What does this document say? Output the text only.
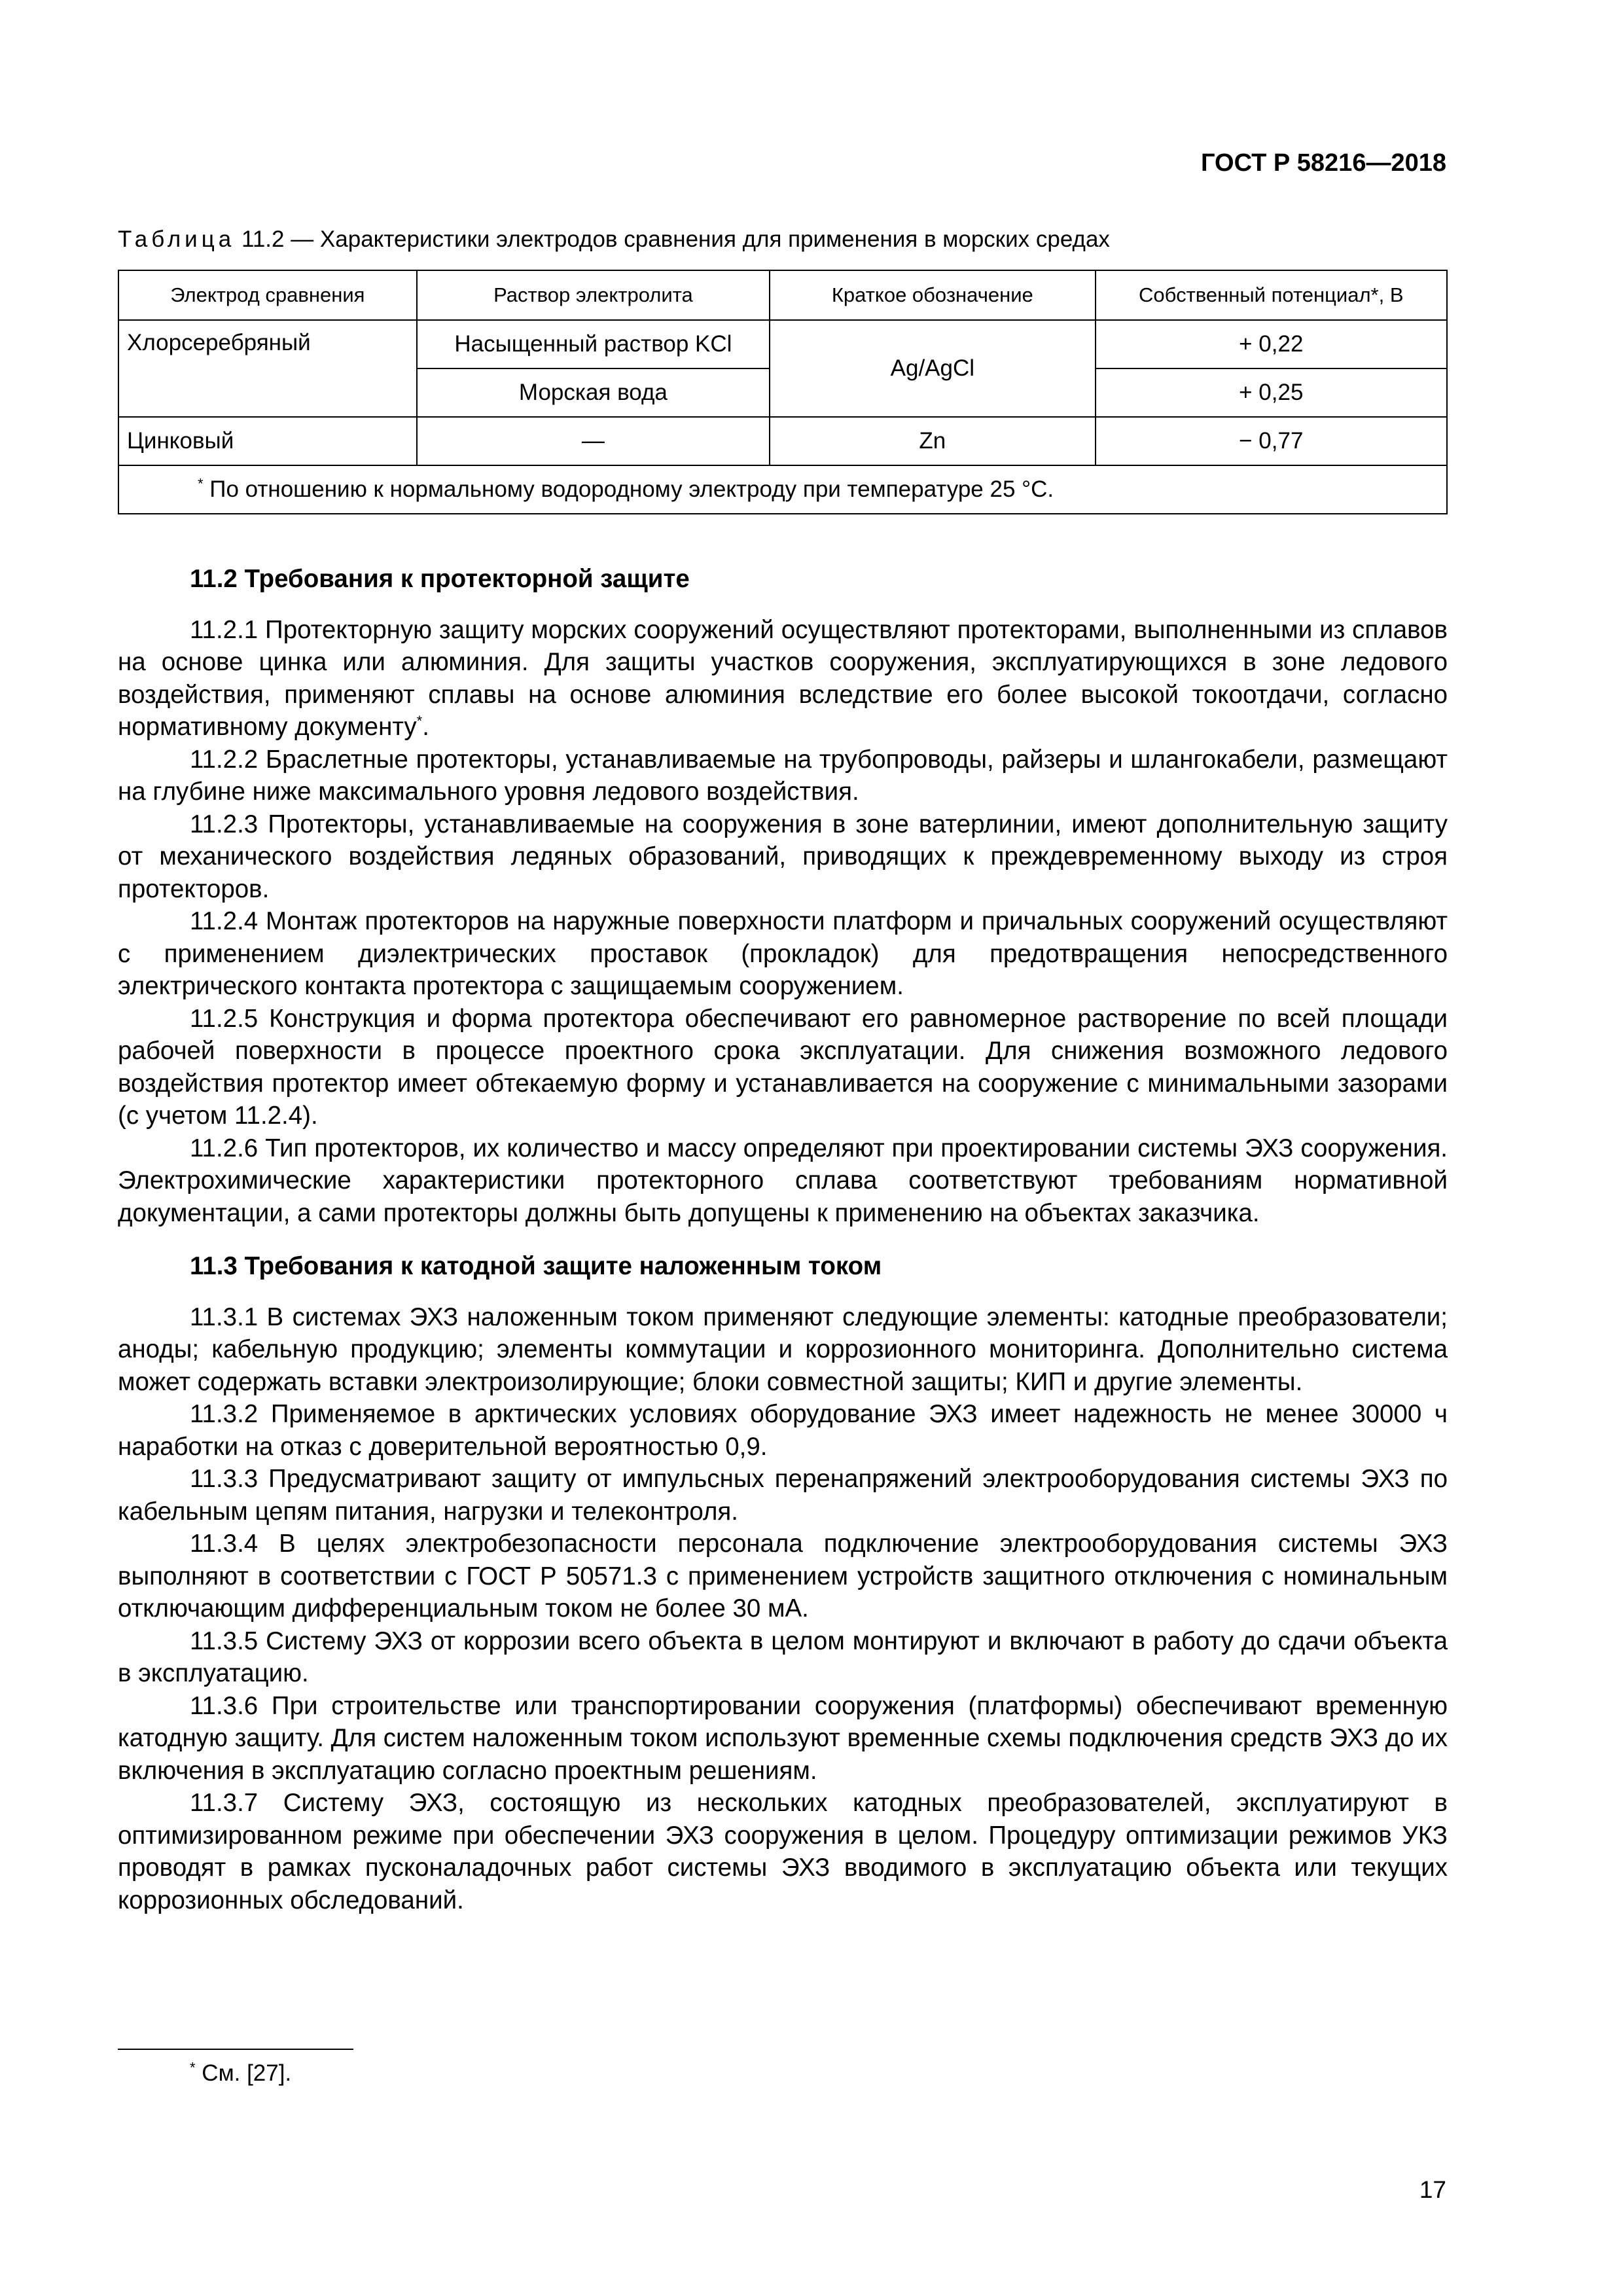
ГОСТ Р 58216—2018
Таблица 11.2 — Характеристики электродов сравнения для применения в морских средах
Электрод сравнения	Раствор электролита	Краткое обозначение	Собственный потенциал*, В
Хлорсеребряный	Насыщенный раствор KCl	Ag/AgCl	+ 0,22
	Морская вода		+ 0,25
Цинковый	—	Zn	− 0,77
* По отношению к нормальному водородному электроду при температуре 25 °С.			
11.2 Требования к протекторной защите

11.2.1 Протекторную защиту морских сооружений осуществляют протекторами, выполненными из сплавов на основе цинка или алюминия. Для защиты участков сооружения, эксплуатирующихся в зоне ледового воздействия, применяют сплавы на основе алюминия вследствие его более высокой токоотдачи, согласно нормативному документу*.

11.2.2 Браслетные протекторы, устанавливаемые на трубопроводы, райзеры и шлангокабели, размещают на глубине ниже максимального уровня ледового воздействия.

11.2.3 Протекторы, устанавливаемые на сооружения в зоне ватерлинии, имеют дополнительную защиту от механического воздействия ледяных образований, приводящих к преждевременному выходу из строя протекторов.

11.2.4 Монтаж протекторов на наружные поверхности платформ и причальных сооружений осуществляют с применением диэлектрических проставок (прокладок) для предотвращения непосредственного электрического контакта протектора с защищаемым сооружением.

11.2.5 Конструкция и форма протектора обеспечивают его равномерное растворение по всей площади рабочей поверхности в процессе проектного срока эксплуатации. Для снижения возможного ледового воздействия протектор имеет обтекаемую форму и устанавливается на сооружение с минимальными зазорами (с учетом 11.2.4).

11.2.6 Тип протекторов, их количество и массу определяют при проектировании системы ЭХЗ сооружения. Электрохимические характеристики протекторного сплава соответствуют требованиям нормативной документации, а сами протекторы должны быть допущены к применению на объектах заказчика.

11.3 Требования к катодной защите наложенным током

11.3.1 В системах ЭХЗ наложенным током применяют следующие элементы: катодные преобразователи; аноды; кабельную продукцию; элементы коммутации и коррозионного мониторинга. Дополнительно система может содержать вставки электроизолирующие; блоки совместной защиты; КИП и другие элементы.

11.3.2 Применяемое в арктических условиях оборудование ЭХЗ имеет надежность не менее 30000 ч наработки на отказ с доверительной вероятностью 0,9.

11.3.3 Предусматривают защиту от импульсных перенапряжений электрооборудования системы ЭХЗ по кабельным цепям питания, нагрузки и телеконтроля.

11.3.4 В целях электробезопасности персонала подключение электрооборудования системы ЭХЗ выполняют в соответствии с ГОСТ Р 50571.3 с применением устройств защитного отключения с номинальным отключающим дифференциальным током не более 30 мА.

11.3.5 Систему ЭХЗ от коррозии всего объекта в целом монтируют и включают в работу до сдачи объекта в эксплуатацию.

11.3.6 При строительстве или транспортировании сооружения (платформы) обеспечивают временную катодную защиту. Для систем наложенным током используют временные схемы подключения средств ЭХЗ до их включения в эксплуатацию согласно проектным решениям.

11.3.7 Систему ЭХЗ, состоящую из нескольких катодных преобразователей, эксплуатируют в оптимизированном режиме при обеспечении ЭХЗ сооружения в целом. Процедуру оптимизации режимов УКЗ проводят в рамках пусконаладочных работ системы ЭХЗ вводимого в эксплуатацию объекта или текущих коррозионных обследований.

* См. [27].
17
